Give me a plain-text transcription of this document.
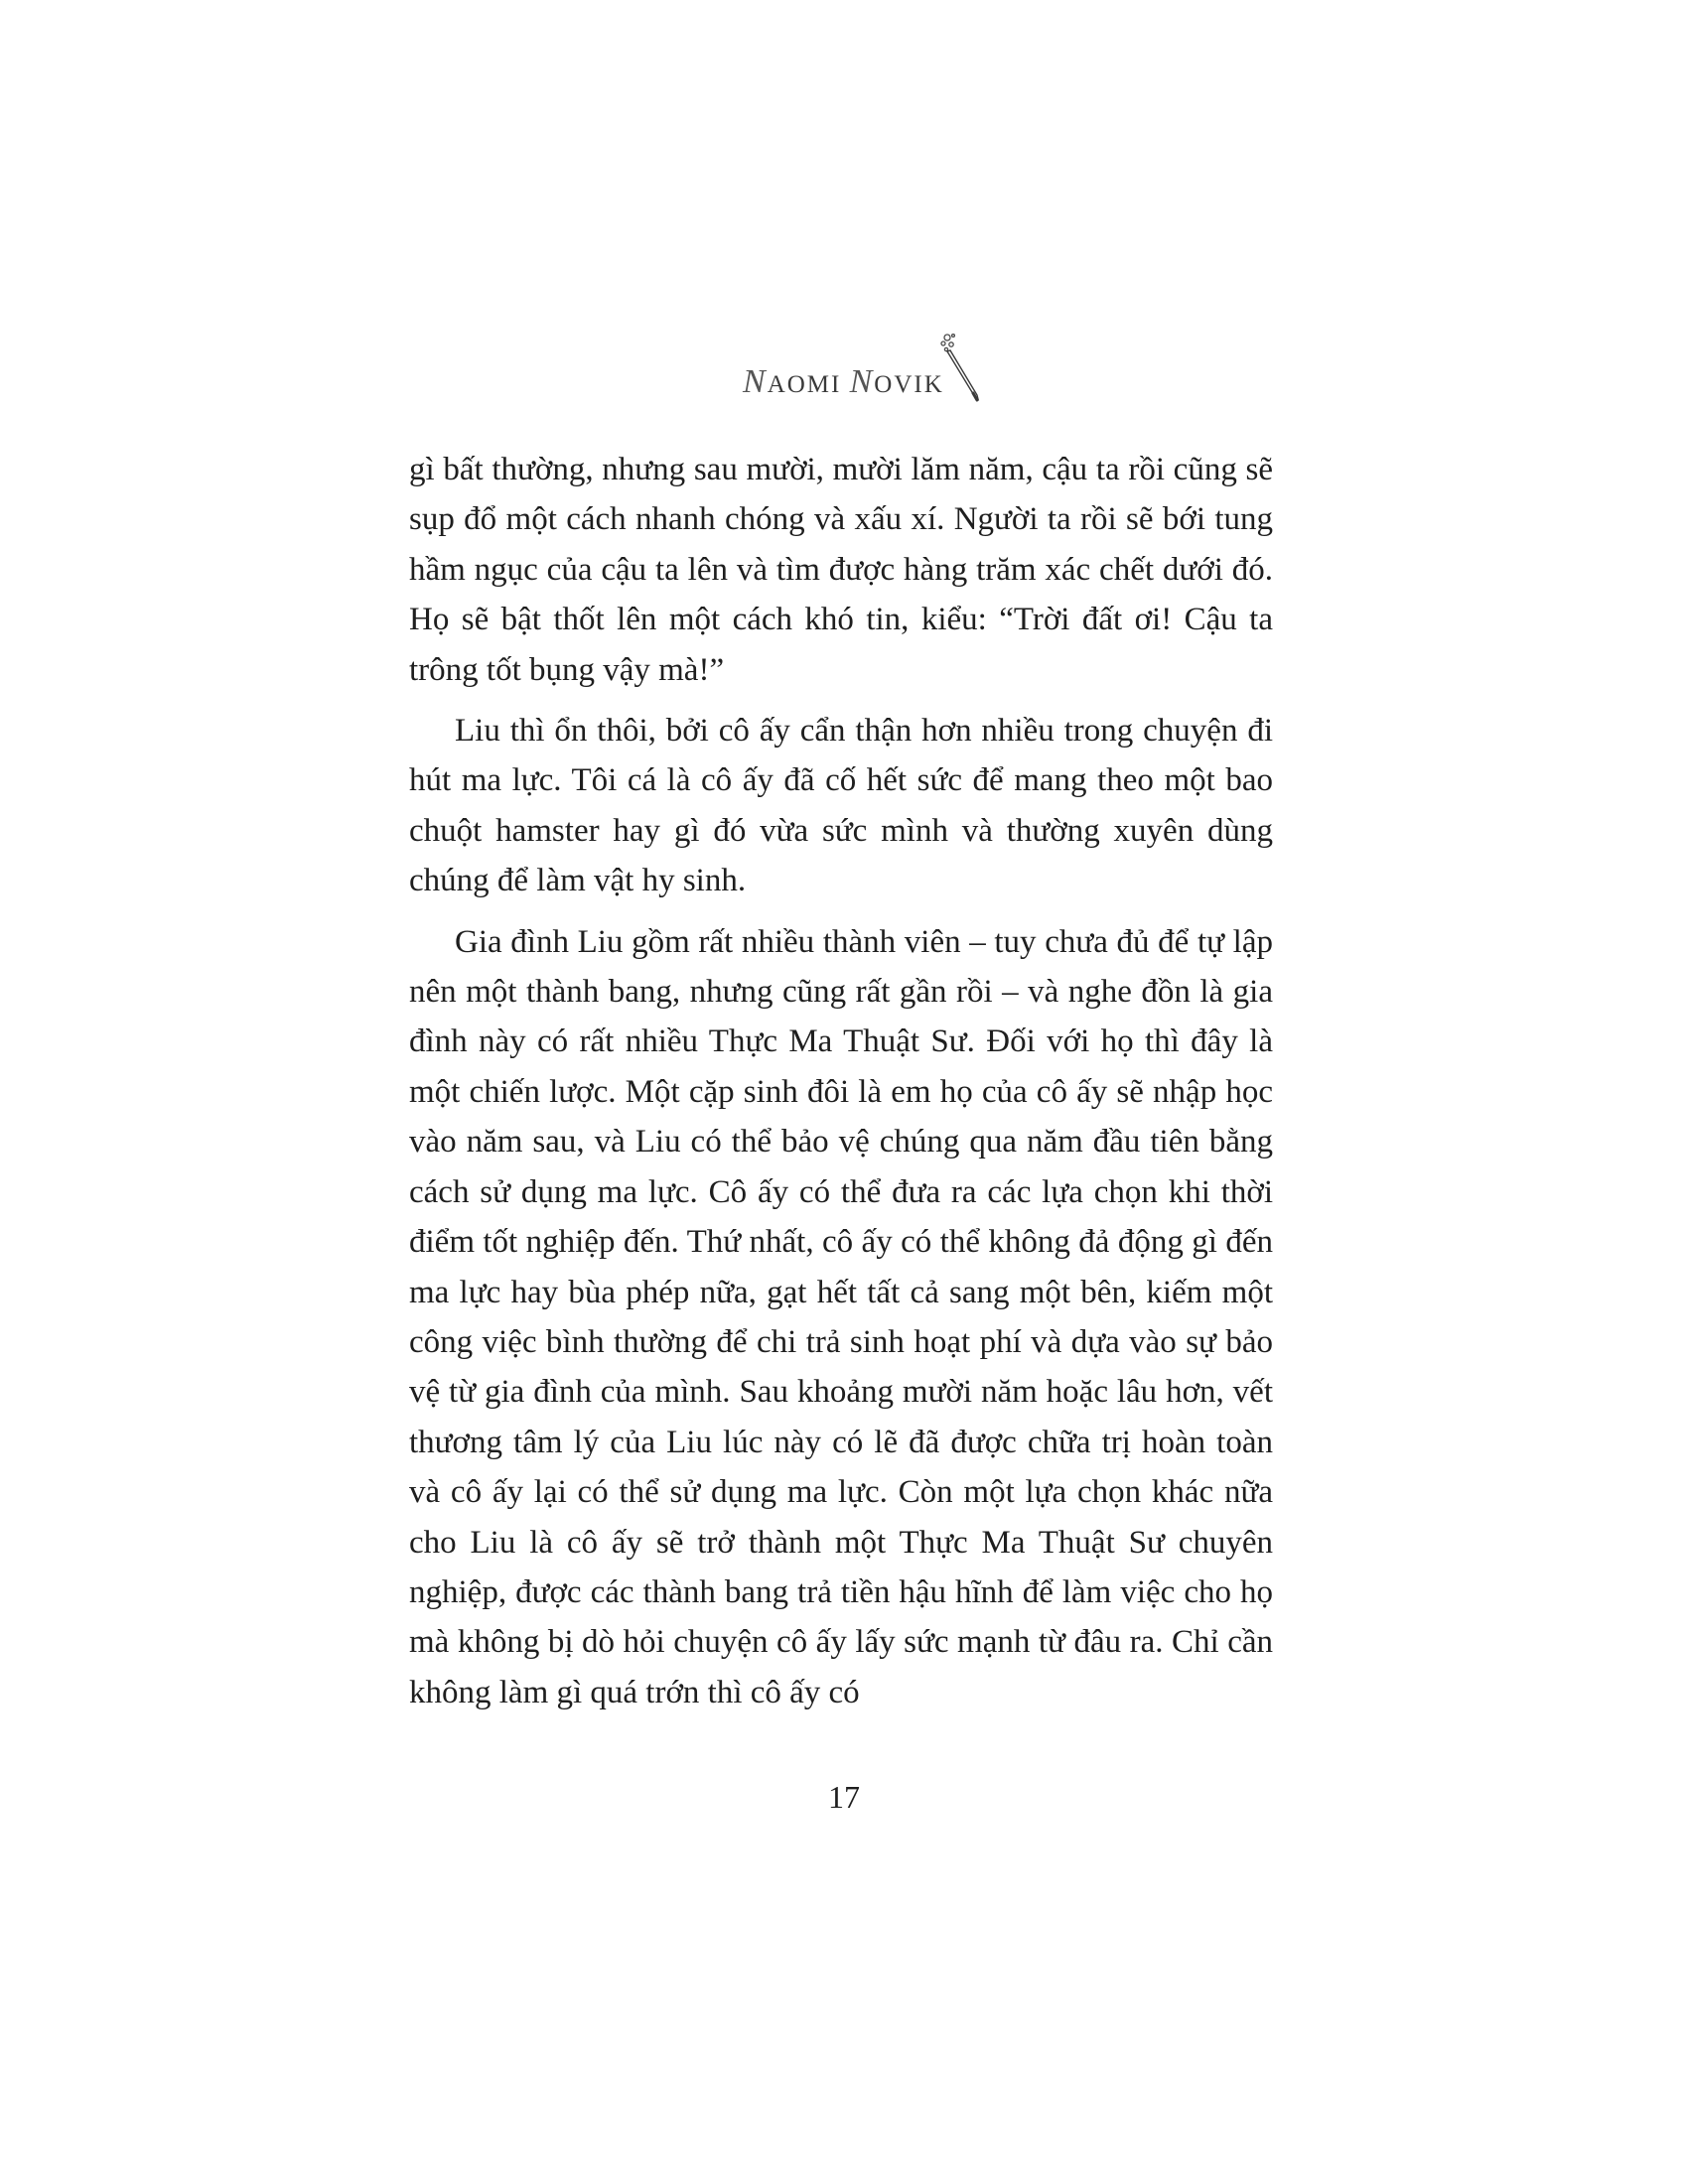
NAOMI NOVIK

gì bất thường, nhưng sau mười, mười lăm năm, cậu ta rồi cũng sẽ sụp đổ một cách nhanh chóng và xấu xí. Người ta rồi sẽ bới tung hầm ngục của cậu ta lên và tìm được hàng trăm xác chết dưới đó. Họ sẽ bật thốt lên một cách khó tin, kiểu: “Trời đất ơi! Cậu ta trông tốt bụng vậy mà!”

Liu thì ổn thôi, bởi cô ấy cẩn thận hơn nhiều trong chuyện đi hút ma lực. Tôi cá là cô ấy đã cố hết sức để mang theo một bao chuột hamster hay gì đó vừa sức mình và thường xuyên dùng chúng để làm vật hy sinh.

Gia đình Liu gồm rất nhiều thành viên – tuy chưa đủ để tự lập nên một thành bang, nhưng cũng rất gần rồi – và nghe đồn là gia đình này có rất nhiều Thực Ma Thuật Sư. Đối với họ thì đây là một chiến lược. Một cặp sinh đôi là em họ của cô ấy sẽ nhập học vào năm sau, và Liu có thể bảo vệ chúng qua năm đầu tiên bằng cách sử dụng ma lực. Cô ấy có thể đưa ra các lựa chọn khi thời điểm tốt nghiệp đến. Thứ nhất, cô ấy có thể không đả động gì đến ma lực hay bùa phép nữa, gạt hết tất cả sang một bên, kiếm một công việc bình thường để chi trả sinh hoạt phí và dựa vào sự bảo vệ từ gia đình của mình. Sau khoảng mười năm hoặc lâu hơn, vết thương tâm lý của Liu lúc này có lẽ đã được chữa trị hoàn toàn và cô ấy lại có thể sử dụng ma lực. Còn một lựa chọn khác nữa cho Liu là cô ấy sẽ trở thành một Thực Ma Thuật Sư chuyên nghiệp, được các thành bang trả tiền hậu hĩnh để làm việc cho họ mà không bị dò hỏi chuyện cô ấy lấy sức mạnh từ đâu ra. Chỉ cần không làm gì quá trớn thì cô ấy có

17
